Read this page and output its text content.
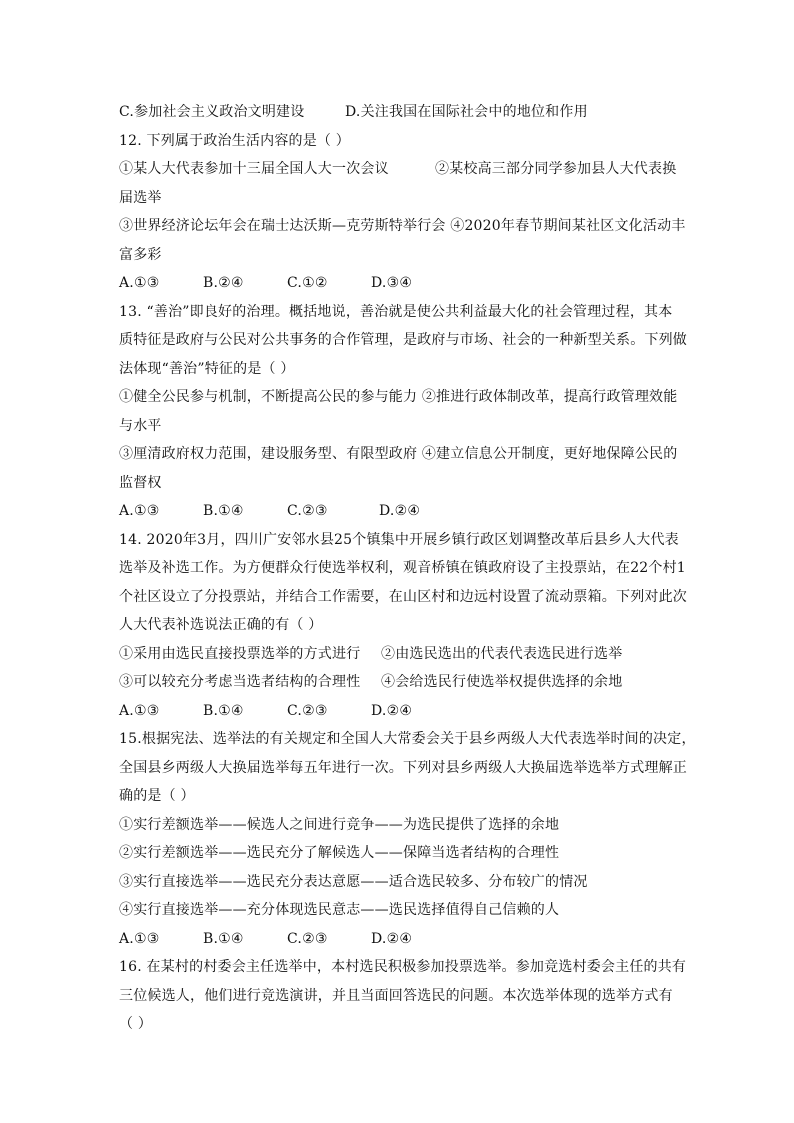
C.参加社会主义政治文明建设	D.关注我国在国际社会中的地位和作用
12. 下列属于政治生活内容的是（ ）
①某人大代表参加十三届全国人大一次会议	②某校高三部分同学参加县人大代表换
届选举
③世界经济论坛年会在瑞士达沃斯—克劳斯特举行会 ④2020年春节期间某社区文化活动丰
富多彩
A.①③	B.②④	C.①②	D.③④
13. “善治”即良好的治理。概括地说，善治就是使公共利益最大化的社会管理过程，其本
质特征是政府与公民对公共事务的合作管理，是政府与市场、社会的一种新型关系。下列做
法体现“善治”特征的是（ ）
①健全公民参与机制，不断提高公民的参与能力 ②推进行政体制改革，提高行政管理效能
与水平
③厘清政府权力范围，建设服务型、有限型政府 ④建立信息公开制度，更好地保障公民的
监督权
A.①③	B.①④	C.②③	D.②④
14. 2020年3月，四川广安邻水县25个镇集中开展乡镇行政区划调整改革后县乡人大代表
选举及补选工作。为方便群众行使选举权利，观音桥镇在镇政府设了主投票站，在22个村1
个社区设立了分投票站，并结合工作需要，在山区村和边远村设置了流动票箱。下列对此次
人大代表补选说法正确的有（ ）
①采用由选民直接投票选举的方式进行 ②由选民选出的代表代表选民进行选举
③可以较充分考虑当选者结构的合理性 ④会给选民行使选举权提供选择的余地
A.①③	B.①④	C.②③	D.②④
15.根据宪法、选举法的有关规定和全国人大常委会关于县乡两级人大代表选举时间的决定，
全国县乡两级人大换届选举每五年进行一次。下列对县乡两级人大换届选举选举方式理解正
确的是（ ）
①实行差额选举——候选人之间进行竞争——为选民提供了选择的余地
②实行差额选举——选民充分了解候选人——保障当选者结构的合理性
③实行直接选举——选民充分表达意愿——适合选民较多、分布较广的情况
④实行直接选举——充分体现选民意志——选民选择值得自己信赖的人
A.①③	B.①④	C.②③	D.②④
16. 在某村的村委会主任选举中，本村选民积极参加投票选举。参加竞选村委会主任的共有
三位候选人，他们进行竞选演讲，并且当面回答选民的问题。本次选举体现的选举方式有
（ ）
